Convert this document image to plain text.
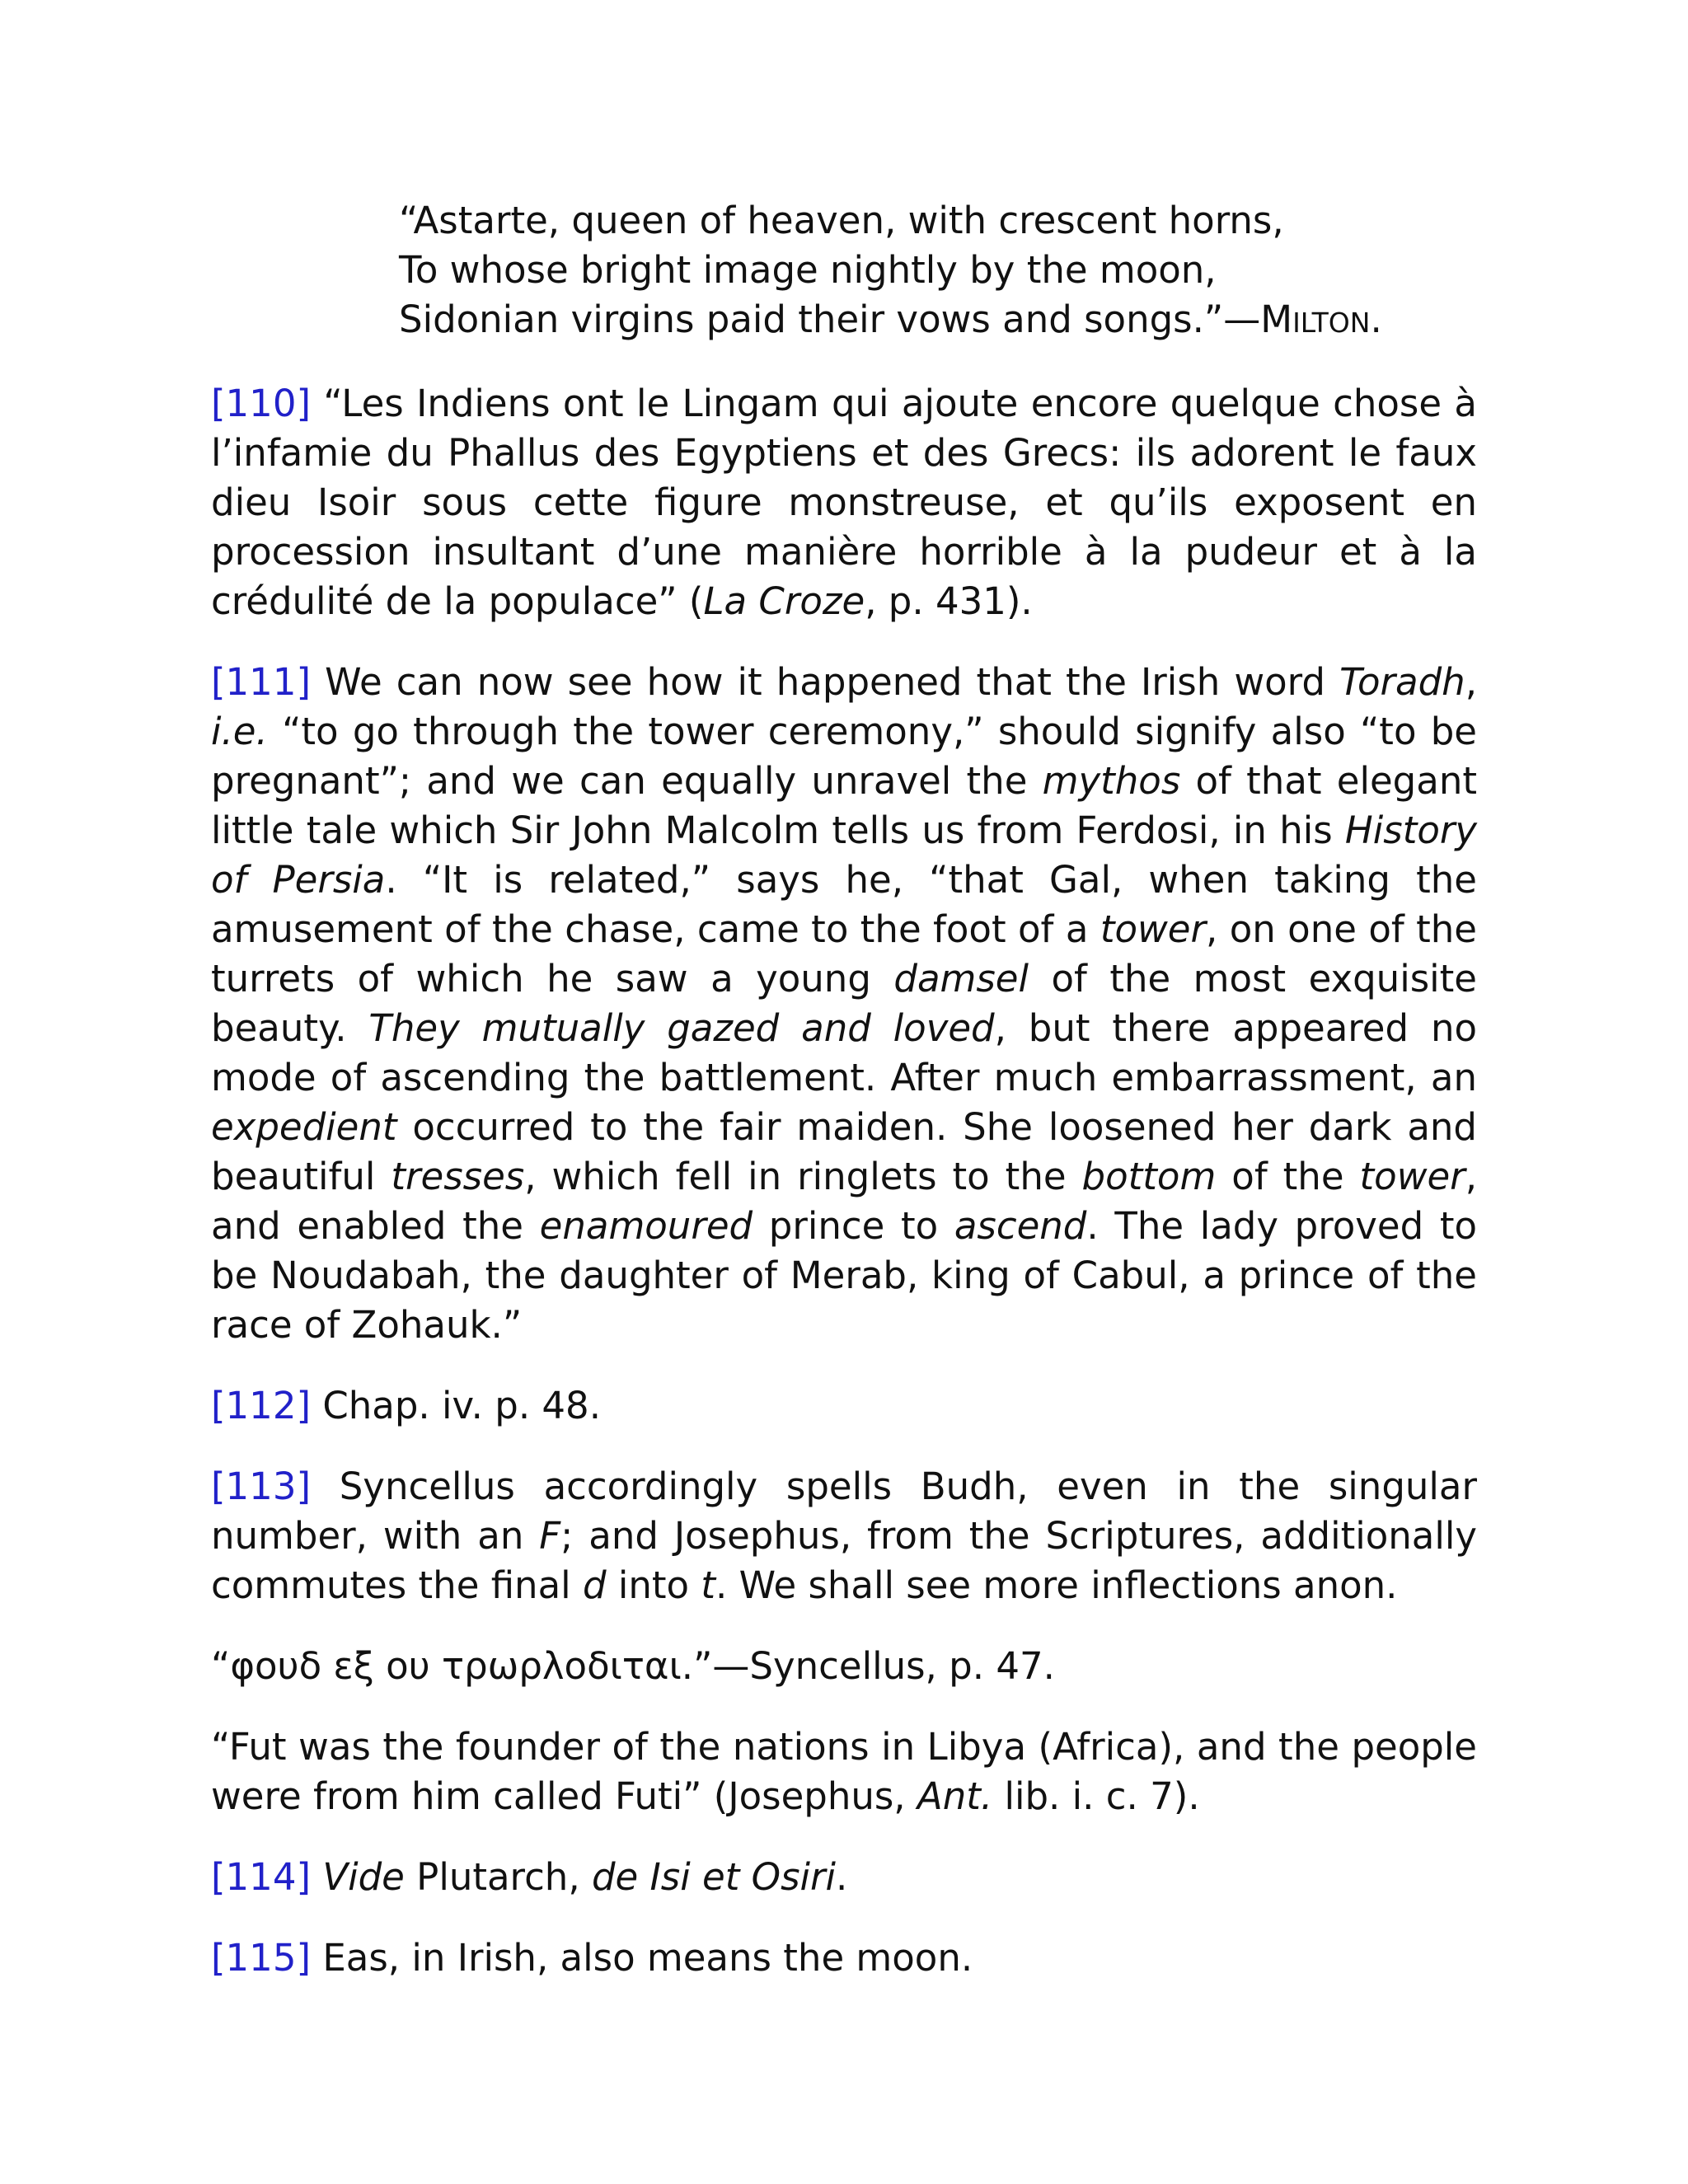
“Astarte, queen of heaven, with crescent horns,
To whose bright image nightly by the moon,
Sidonian virgins paid their vows and songs.”—MILTON.

[110] “Les Indiens ont le Lingam qui ajoute encore quelque chose à l’infamie du Phallus des Egyptiens et des Grecs: ils adorent le faux dieu Isoir sous cette figure monstreuse, et qu’ils exposent en procession insultant d’une manière horrible à la pudeur et à la crédulité de la populace” (La Croze, p. 431).

[111] We can now see how it happened that the Irish word Toradh, i.e. “to go through the tower ceremony,” should signify also “to be pregnant”; and we can equally unravel the mythos of that elegant little tale which Sir John Malcolm tells us from Ferdosi, in his History of Persia. “It is related,” says he, “that Gal, when taking the amusement of the chase, came to the foot of a tower, on one of the turrets of which he saw a young damsel of the most exquisite beauty. They mutually gazed and loved, but there appeared no mode of ascending the battlement. After much embarrassment, an expedient occurred to the fair maiden. She loosened her dark and beautiful tresses, which fell in ringlets to the bottom of the tower, and enabled the enamoured prince to ascend. The lady proved to be Noudabah, the daughter of Merab, king of Cabul, a prince of the race of Zohauk.”

[112] Chap. iv. p. 48.

[113] Syncellus accordingly spells Budh, even in the singular number, with an F; and Josephus, from the Scriptures, additionally commutes the final d into t. We shall see more inflections anon.

“φουδ εξ ου τρωρλοδιται.”—Syncellus, p. 47.

“Fut was the founder of the nations in Libya (Africa), and the people were from him called Futi” (Josephus, Ant. lib. i. c. 7).

[114] Vide Plutarch, de Isi et Osiri.

[115] Eas, in Irish, also means the moon.
